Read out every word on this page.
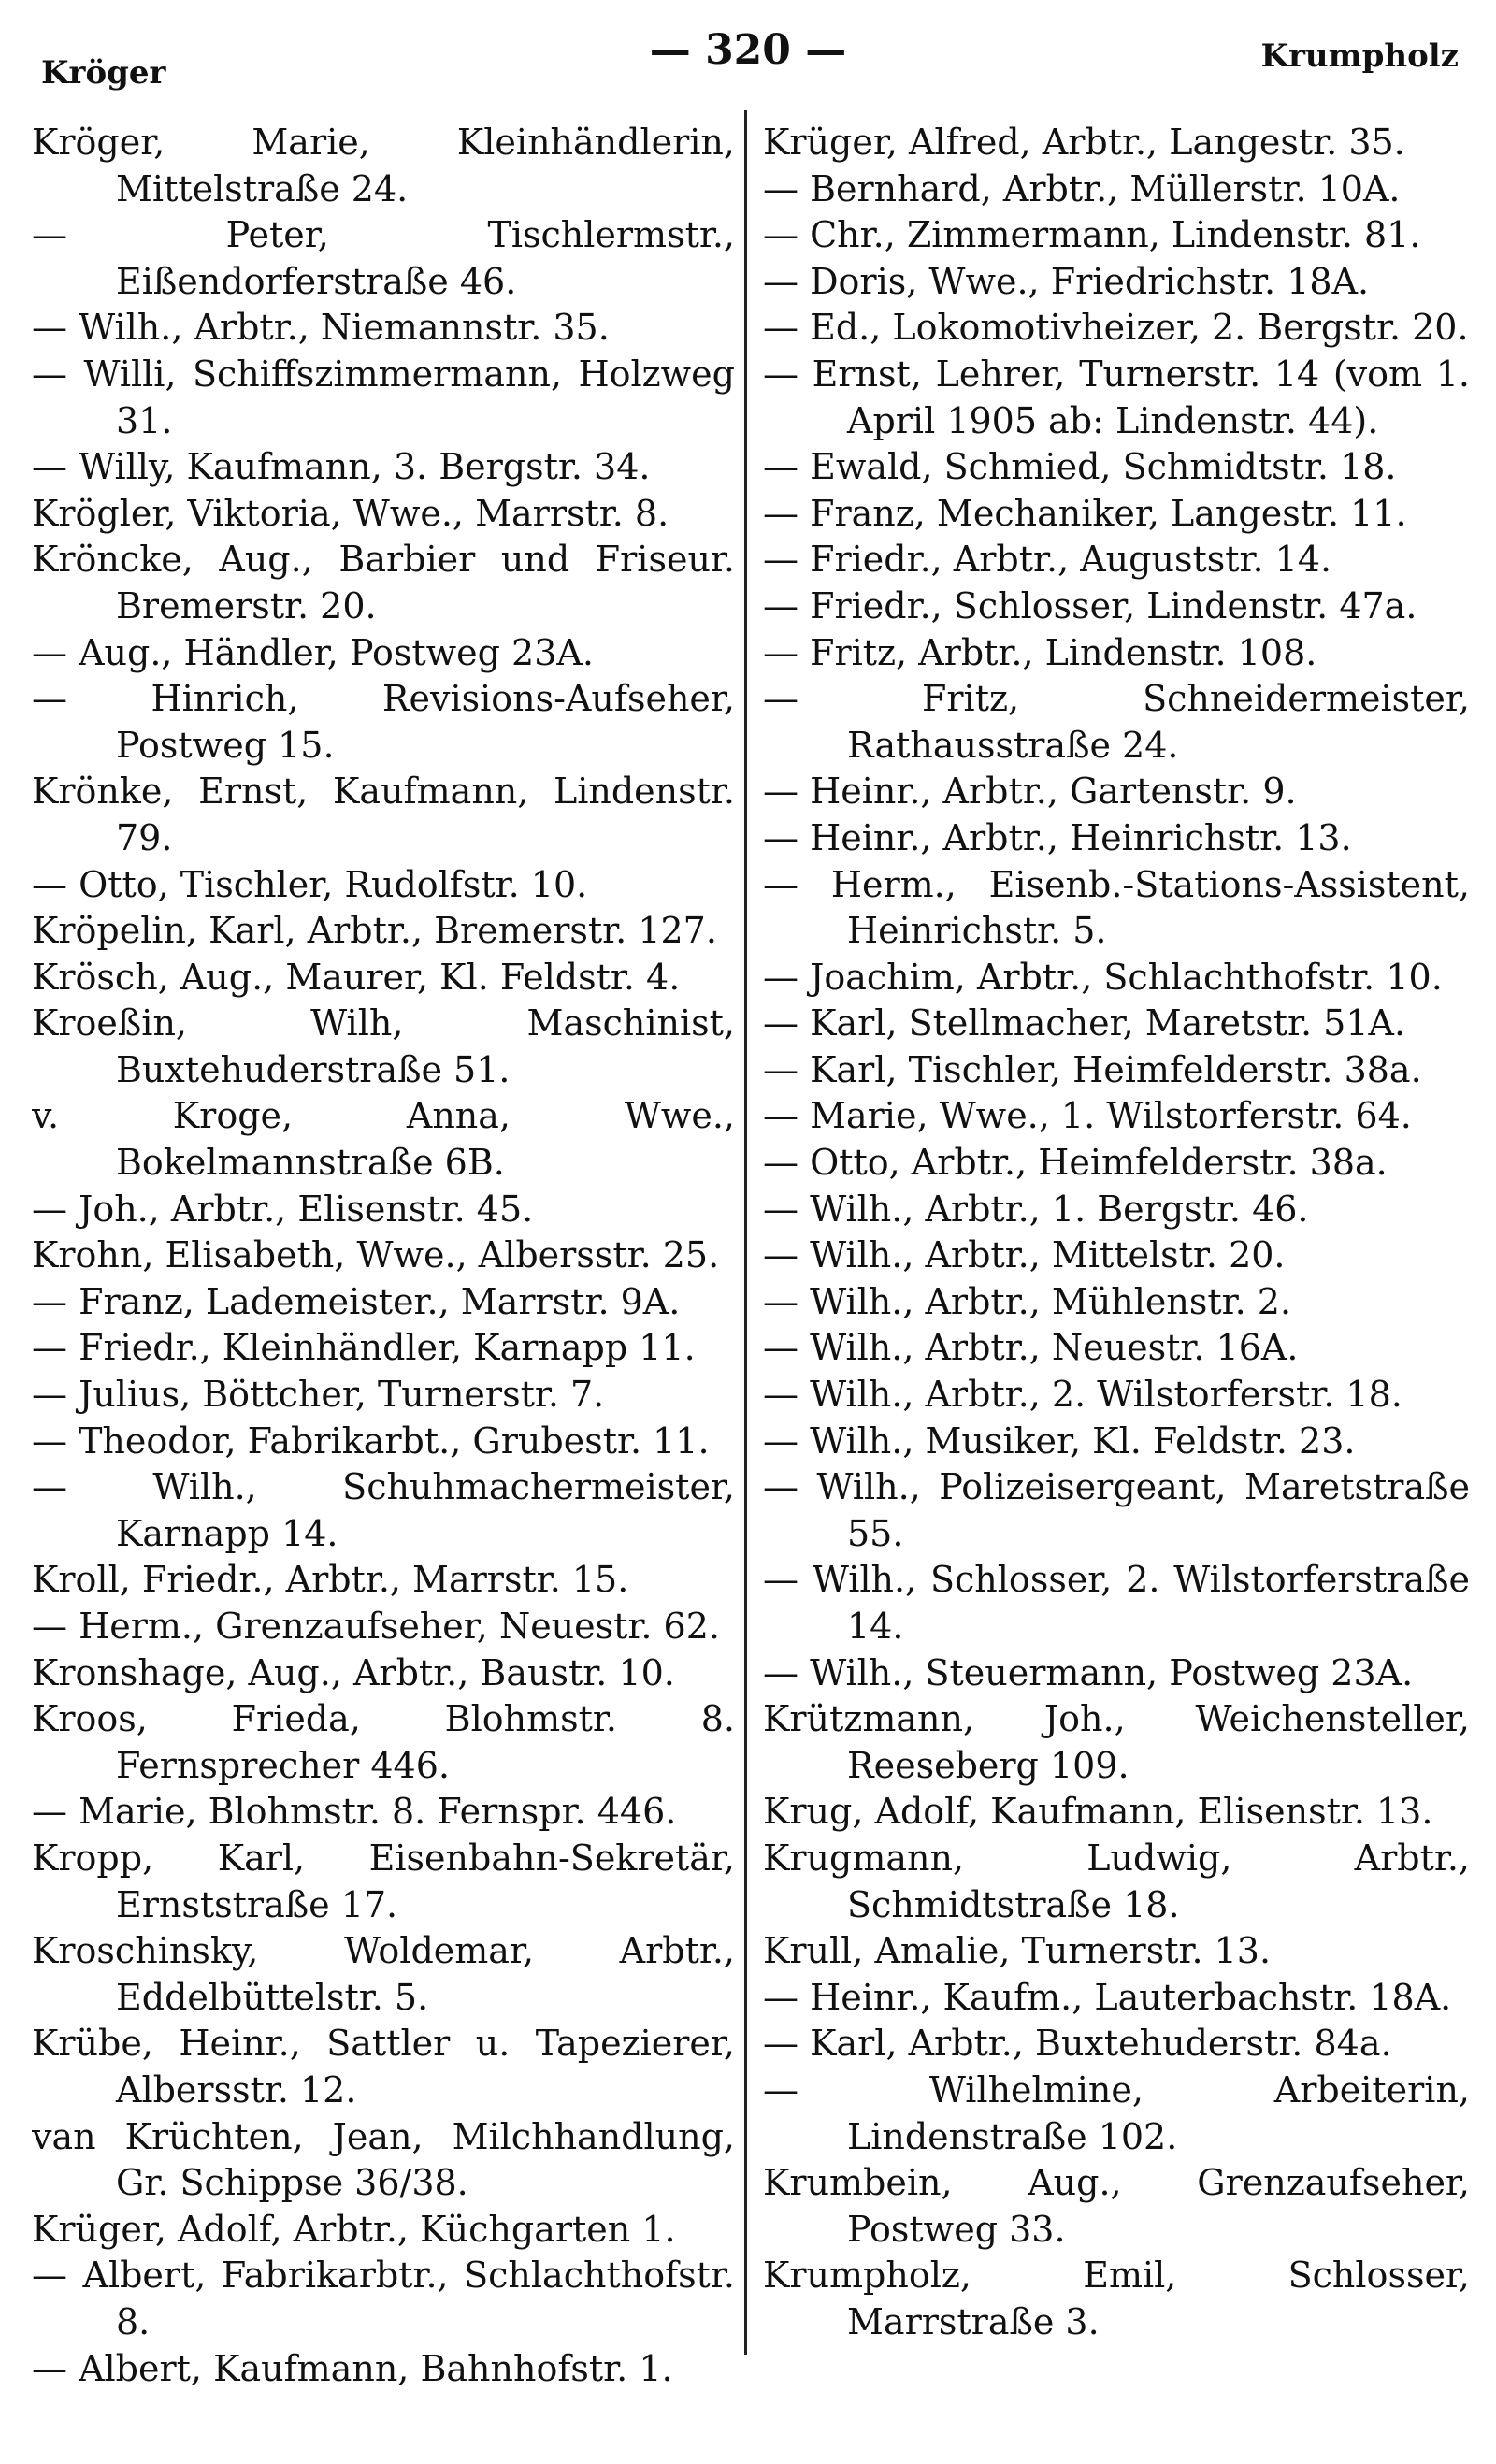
Kröger	— 320 —	Krumpholz

Kröger, Marie, Kleinhändlerin, Mittelstraße 24.

— Peter, Tischlermstr., Eißendorferstraße 46.

— Wilh., Arbtr., Niemannstr. 35.

— Willi, Schiffszimmermann, Holzweg 31.

— Willy, Kaufmann, 3. Bergstr. 34.

Krögler, Viktoria, Wwe., Marrstr. 8.

Kröncke, Aug., Barbier und Friseur. Bremerstr. 20.

— Aug., Händler, Postweg 23A.

— Hinrich, Revisions-Aufseher, Postweg 15.

Krönke, Ernst, Kaufmann, Lindenstr. 79.

— Otto, Tischler, Rudolfstr. 10.

Kröpelin, Karl, Arbtr., Bremerstr. 127.

Krösch, Aug., Maurer, Kl. Feldstr. 4.

Kroeßin, Wilh, Maschinist, Buxtehuderstraße 51.

v. Kroge, Anna, Wwe., Bokelmannstraße 6B.

— Joh., Arbtr., Elisenstr. 45.

Krohn, Elisabeth, Wwe., Albersstr. 25.

— Franz, Lademeister., Marrstr. 9A.

— Friedr., Kleinhändler, Karnapp 11.

— Julius, Böttcher, Turnerstr. 7.

— Theodor, Fabrikarbt., Grubestr. 11.

— Wilh., Schuhmachermeister, Karnapp 14.

Kroll, Friedr., Arbtr., Marrstr. 15.

— Herm., Grenzaufseher, Neuestr. 62.

Kronshage, Aug., Arbtr., Baustr. 10.

Kroos, Frieda, Blohmstr. 8. Fernsprecher 446.

— Marie, Blohmstr. 8. Fernspr. 446.

Kropp, Karl, Eisenbahn-Sekretär, Ernststraße 17.

Kroschinsky, Woldemar, Arbtr., Eddelbüttelstr. 5.

Krübe, Heinr., Sattler u. Tapezierer, Albersstr. 12.

van Krüchten, Jean, Milchhandlung, Gr. Schippse 36/38.

Krüger, Adolf, Arbtr., Küchgarten 1.

— Albert, Fabrikarbtr., Schlachthofstr. 8.

— Albert, Kaufmann, Bahnhofstr. 1.

Krüger, Alfred, Arbtr., Langestr. 35.

— Bernhard, Arbtr., Müllerstr. 10A.

— Chr., Zimmermann, Lindenstr. 81.

— Doris, Wwe., Friedrichstr. 18A.

— Ed., Lokomotivheizer, 2. Bergstr. 20.

— Ernst, Lehrer, Turnerstr. 14 (vom 1. April 1905 ab: Lindenstr. 44).

— Ewald, Schmied, Schmidtstr. 18.

— Franz, Mechaniker, Langestr. 11.

— Friedr., Arbtr., Auguststr. 14.

— Friedr., Schlosser, Lindenstr. 47a.

— Fritz, Arbtr., Lindenstr. 108.

— Fritz, Schneidermeister, Rathausstraße 24.

— Heinr., Arbtr., Gartenstr. 9.

— Heinr., Arbtr., Heinrichstr. 13.

— Herm., Eisenb.-Stations-Assistent, Heinrichstr. 5.

— Joachim, Arbtr., Schlachthofstr. 10.

— Karl, Stellmacher, Maretstr. 51A.

— Karl, Tischler, Heimfelderstr. 38a.

— Marie, Wwe., 1. Wilstorferstr. 64.

— Otto, Arbtr., Heimfelderstr. 38a.

— Wilh., Arbtr., 1. Bergstr. 46.

— Wilh., Arbtr., Mittelstr. 20.

— Wilh., Arbtr., Mühlenstr. 2.

— Wilh., Arbtr., Neuestr. 16A.

— Wilh., Arbtr., 2. Wilstorferstr. 18.

— Wilh., Musiker, Kl. Feldstr. 23.

— Wilh., Polizeisergeant, Maretstraße 55.

— Wilh., Schlosser, 2. Wilstorferstraße 14.

— Wilh., Steuermann, Postweg 23A.

Krützmann, Joh., Weichensteller, Reeseberg 109.

Krug, Adolf, Kaufmann, Elisenstr. 13.

Krugmann, Ludwig, Arbtr., Schmidtstraße 18.

Krull, Amalie, Turnerstr. 13.

— Heinr., Kaufm., Lauterbachstr. 18A.

— Karl, Arbtr., Buxtehuderstr. 84a.

— Wilhelmine, Arbeiterin, Lindenstraße 102.

Krumbein, Aug., Grenzaufseher, Postweg 33.

Krumpholz, Emil, Schlosser, Marrstraße 3.
